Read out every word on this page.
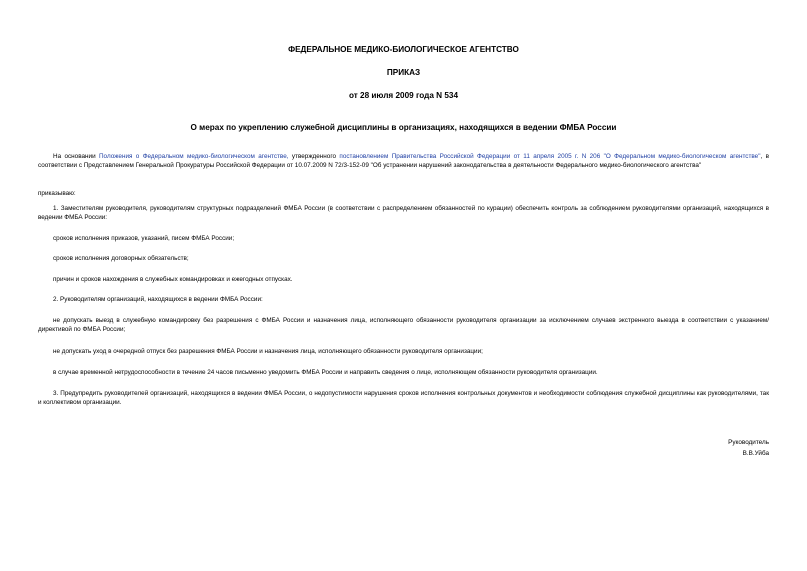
ФЕДЕРАЛЬНОЕ МЕДИКО-БИОЛОГИЧЕСКОЕ АГЕНТСТВО
ПРИКАЗ
от 28 июля 2009 года N 534
О мерах по укреплению служебной дисциплины в организациях, находящихся в ведении ФМБА России
На основании Положения о Федеральном медико-биологическом агентстве, утвержденного постановлением Правительства Российской Федерации от 11 апреля 2005 г. N 206 "О Федеральном медико-биологическом агентстве", в соответствии с Представлением Генеральной Прокуратуры Российской Федерации от 10.07.2009 N 72/3-152-09 "Об устранении нарушений законодательства в деятельности Федерального медико-биологического агентства"
приказываю:
1. Заместителям руководителя, руководителям структурных подразделений ФМБА России (в соответствии с распределением обязанностей по курации) обеспечить контроль за соблюдением руководителями организаций, находящихся в ведении ФМБА России:
сроков исполнения приказов, указаний, писем ФМБА России;
сроков исполнения договорных обязательств;
причин и сроков нахождения в служебных командировках и ежегодных отпусках.
2. Руководителям организаций, находящихся в ведении ФМБА России:
не допускать выезд в служебную командировку без разрешения с ФМБА России и назначения лица, исполняющего обязанности руководителя организации за исключением случаев экстренного выезда в соответствии с указанием/директивой по ФМБА России;
не допускать уход в очередной отпуск без разрешения ФМБА России и назначения лица, исполняющего обязанности руководителя организации;
в случае временной нетрудоспособности в течение 24 часов письменно уведомить ФМБА России и направить сведения о лице, исполняющем обязанности руководителя организации.
3. Предупредить руководителей организаций, находящихся в ведении ФМБА России, о недопустимости нарушения сроков исполнения контрольных документов и необходимости соблюдения служебной дисциплины как руководителями, так и коллективом организации.
Руководитель
В.В.Уйба
